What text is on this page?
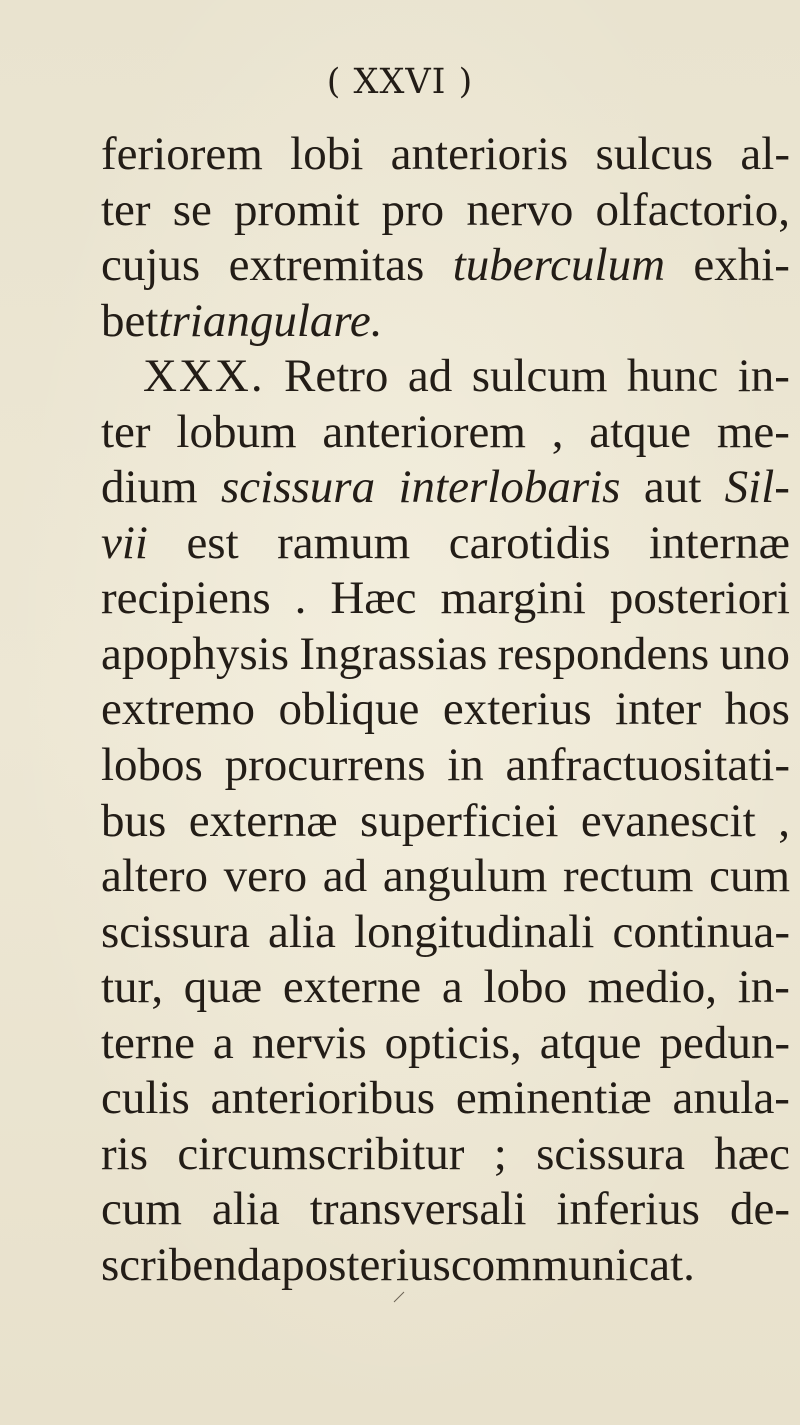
( XXVI )
feriorem lobi anterioris sulcus al-
ter se promit pro nervo olfactorio,
cujus extremitas tuberculum exhi-
bet triangulare.
XXX. Retro ad sulcum hunc in-
ter lobum anteriorem , atque me-
dium scissura interlobaris aut Sil-
vii est ramum carotidis internæ
recipiens . Hæc margini posteriori
apophysis Ingrassias respondens uno
extremo oblique exterius inter hos
lobos procurrens in anfractuositati-
bus externæ superficiei evanescit ,
altero vero ad angulum rectum cum
scissura alia longitudinali continua-
tur, quæ externe a lobo medio, in-
terne a nervis opticis, atque pedun-
culis anterioribus eminentiæ anula-
ris circumscribitur ; scissura hæc
cum alia transversali inferius de-
scribenda posterius communicat .
